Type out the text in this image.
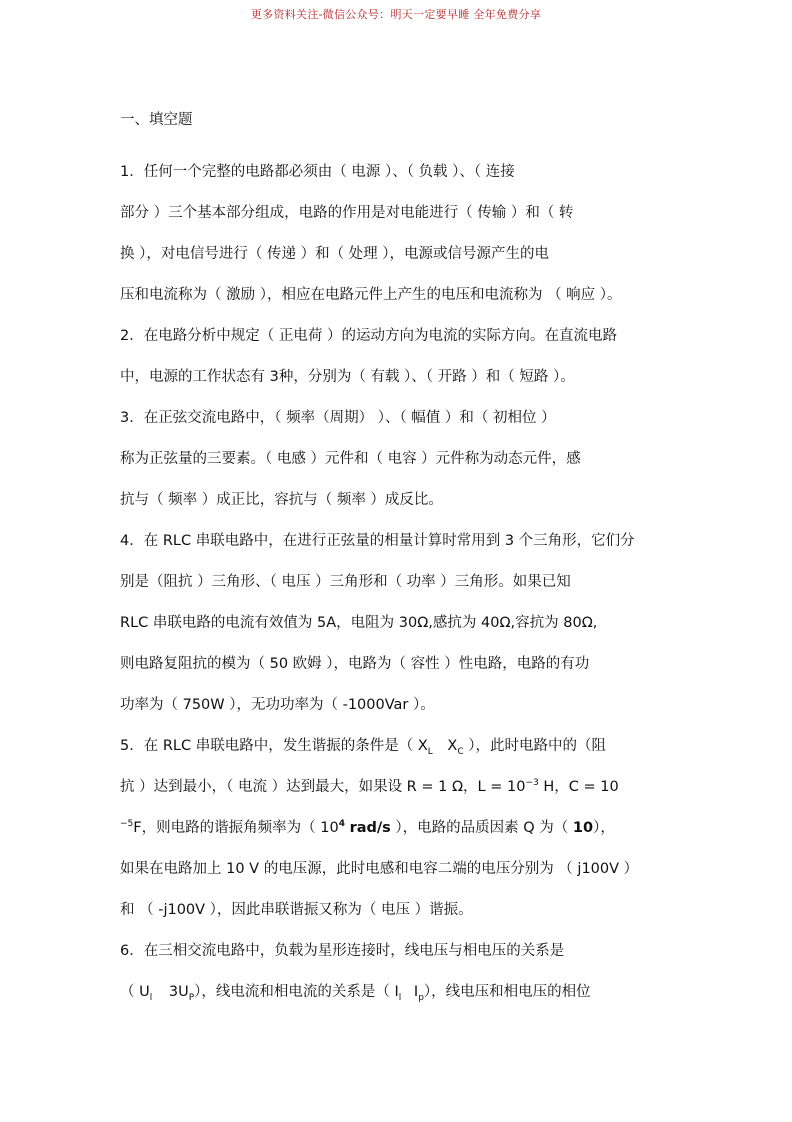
更多资料关注-微信公众号：明天一定要早睡 全年免费分享
一、填空题
1．任何一个完整的电路都必须由（ 电源 ）、（ 负载 ）、（ 连接
部分 ）三个基本部分组成，电路的作用是对电能进行（ 传输 ）和（ 转
换 ），对电信号进行（ 传递 ）和（ 处理 ），电源或信号源产生的电
压和电流称为（ 激励 ），相应在电路元件上产生的电压和电流称为 （ 响应 ）。
2．在电路分析中规定（ 正电荷 ）的运动方向为电流的实际方向。在直流电路
中，电源的工作状态有 3种，分别为（ 有载 ）、（ 开路 ）和（ 短路 ）。
3．在正弦交流电路中，（ 频率（周期） ）、（ 幅值 ）和（ 初相位 ）
称为正弦量的三要素。（ 电感 ）元件和（ 电容 ）元件称为动态元件，感
抗与（ 频率 ）成正比，容抗与（ 频率 ）成反比。
4．在 RLC 串联电路中，在进行正弦量的相量计算时常用到 3 个三角形，它们分
别是（阻抗 ）三角形、（ 电压 ）三角形和（ 功率 ）三角形。如果已知
RLC 串联电路的电流有效值为 5A，电阻为 30Ω,感抗为 40Ω,容抗为 80Ω,
则电路复阻抗的模为（ 50 欧姆 ），电路为（ 容性 ）性电路，电路的有功
功率为（ 750W ），无功功率为（ -1000Var ）。
5．在 RLC 串联电路中，发生谐振的条件是（ $X_L$ $X_C$ ），此时电路中的（阻
抗 ）达到最小，（ 电流 ）达到最大，如果设 R = 1 Ω，$L = 10^{-3}$ H，C = 10
$^{-5}$F，则电路的谐振角频率为（ $10^4$ rad/s ），电路的品质因素 Q 为（ 10），
如果在电路加上 10 V 的电压源，此时电感和电容二端的电压分别为 （ j100V ）
和 （ -j100V ），因此串联谐振又称为（ 电压 ）谐振。
6．在三相交流电路中，负载为星形连接时，线电压与相电压的关系是
（ $U_l$ $3U_P$），线电流和相电流的关系是（ $I_l$ $I_p$），线电压和相电压的相位
